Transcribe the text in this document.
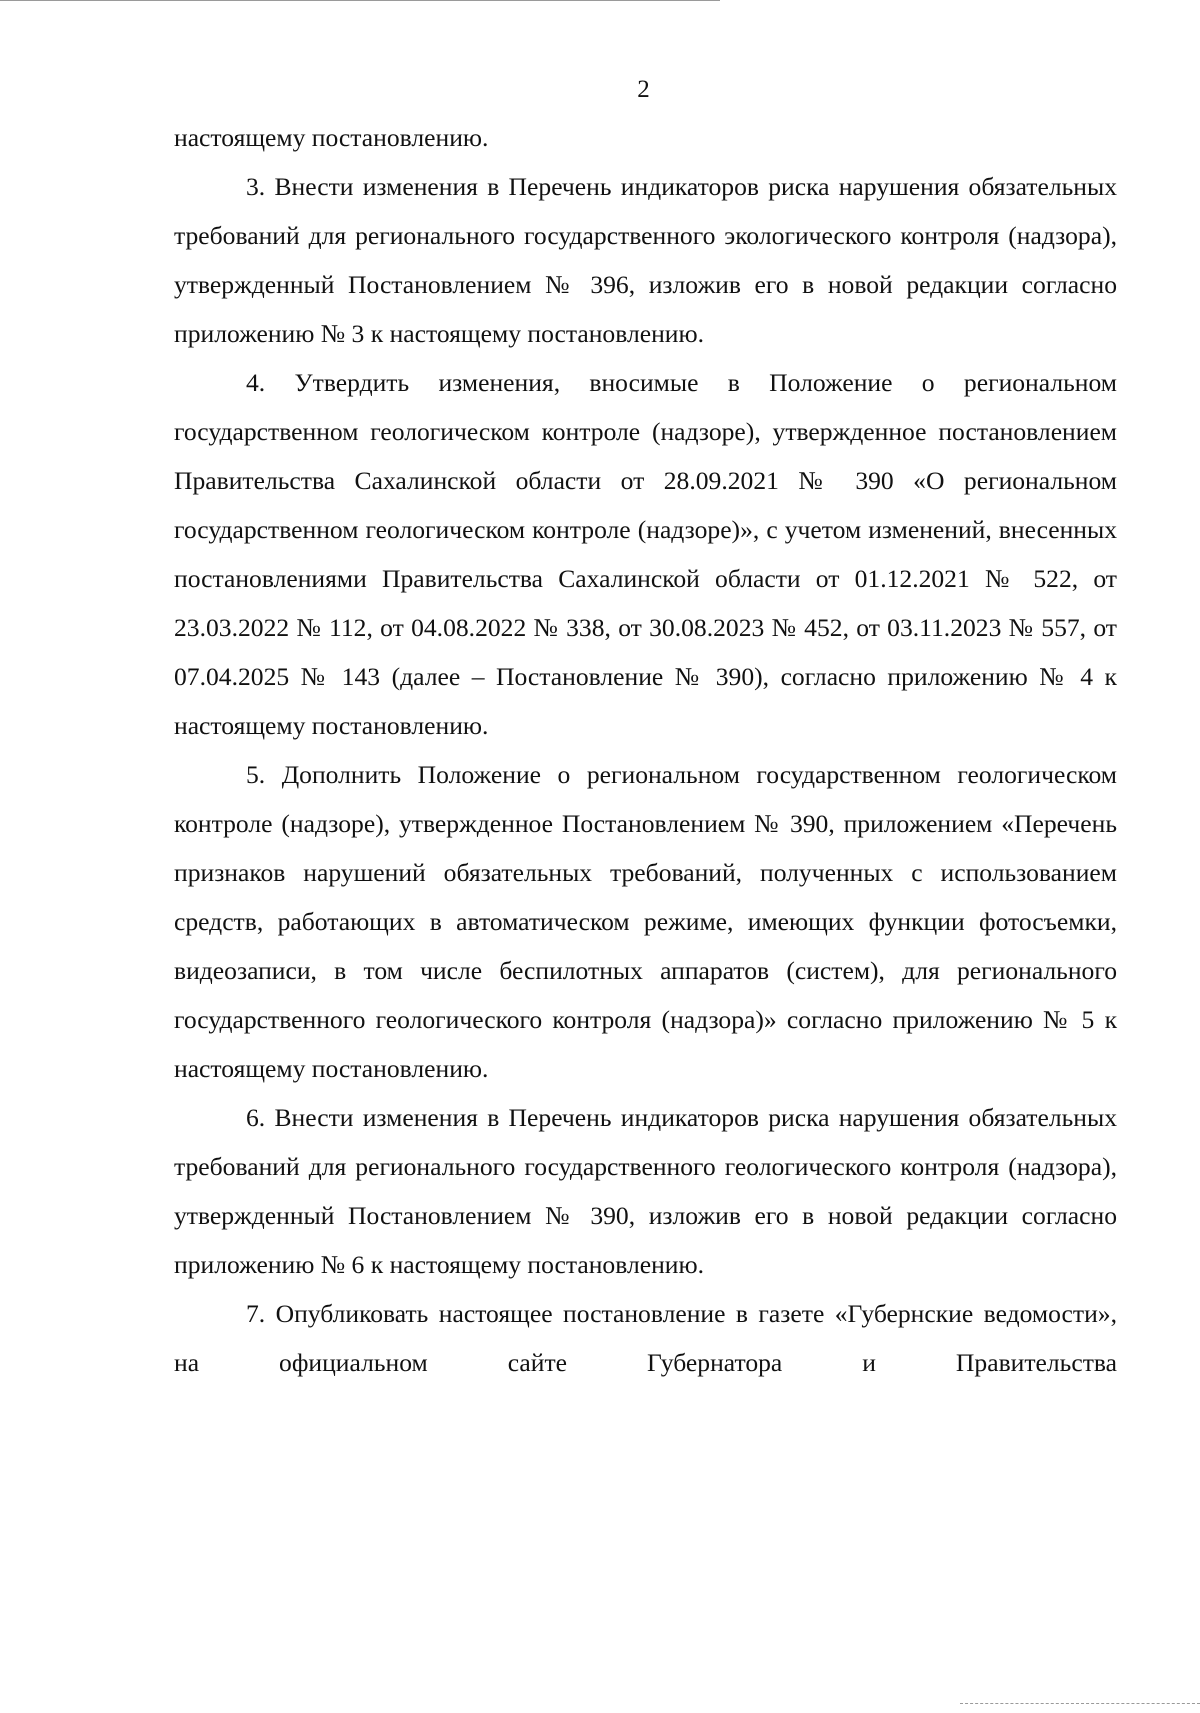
2

настоящему постановлению.

3. Внести изменения в Перечень индикаторов риска нарушения обязательных требований для регионального государственного экологического контроля (надзора), утвержденный Постановлением № 396, изложив его в новой редакции согласно приложению № 3 к настоящему постановлению.

4. Утвердить изменения, вносимые в Положение о региональном государственном геологическом контроле (надзоре), утвержденное постановлением Правительства Сахалинской области от 28.09.2021 № 390 «О региональном государственном геологическом контроле (надзоре)», с учетом изменений, внесенных постановлениями Правительства Сахалинской области от 01.12.2021 № 522, от 23.03.2022 № 112, от 04.08.2022 № 338, от 30.08.2023 № 452, от 03.11.2023 № 557, от 07.04.2025 № 143 (далее – Постановление № 390), согласно приложению № 4 к настоящему постановлению.

5. Дополнить Положение о региональном государственном геологическом контроле (надзоре), утвержденное Постановлением № 390, приложением «Перечень признаков нарушений обязательных требований, полученных с использованием средств, работающих в автоматическом режиме, имеющих функции фотосъемки, видеозаписи, в том числе беспилотных аппаратов (систем), для регионального государственного геологического контроля (надзора)» согласно приложению № 5 к настоящему постановлению.

6. Внести изменения в Перечень индикаторов риска нарушения обязательных требований для регионального государственного геологического контроля (надзора), утвержденный Постановлением № 390, изложив его в новой редакции согласно приложению № 6 к настоящему постановлению.

7. Опубликовать настоящее постановление в газете «Губернские ведомости», на официальном сайте Губернатора и Правительства
